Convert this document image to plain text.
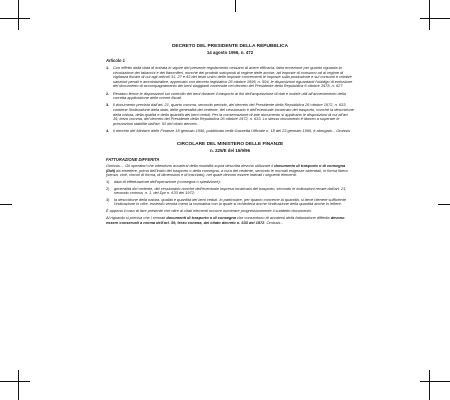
DECRETO DEL PRESIDENTE DELLA REPUBBLICA
14 agosto 1996, n. 472
Articolo 1
1. Con effetto dalla data di entrata in vigore del presente regolamento cessano di avere efficacia, fatta eccezione per quanto riguarda la circolazione dei tabacchi e dei fiammiferi, nonché dei prodotti sottoposti al regime delle accise, ad imposte di consumo od al regime di vigilanza fiscale di cui agli articoli 31, 27 e 63 del testo unico delle imposte concernenti le imposte sulla produzione e sui consumi e relative sanzioni penali e amministrative, approvato con decreto legislativo 26 ottobre 1995, n. 504, le disposizioni riguardanti l'obbligo di emissione del documento di accompagnamento dei beni viaggianti contenute nel decreto del Presidente della Repubblica 6 ottobre 1978, n. 627.
2. Restano ferme le disposizioni sul controllo dei beni durante il trasporto ai fini dell'acquisizione di dati e notizie utili all'accertamento della corretta applicazione delle norme fiscali.
3. Il documento previsto dall'art. 21, quarto comma, secondo periodo, del decreto del Presidente della Repubblica 26 ottobre 1972, n. 633, contiene l'indicazione della data, delle generalità del cedente, del cessionario e dell'eventuale incaricato del trasporto, nonché la descrizione della natura, della qualità e della quantità dei beni ceduti. Per la conservazione di tale documento si applicano le disposizioni di cui all'art. 39, terzo comma, del decreto del Presidente della Repubblica 26 ottobre 1972, n. 633. Lo stesso documento è idoneo a superare le presunzioni stabilite dall'art. 53 del citato decreto.
4. Il decreto del Ministro delle Finanze 18 gennaio 1996, pubblicato nella Gazzetta Ufficiale n. 18 del 23 gennaio 1996, è abrogato... Omissis
CIRCOLARE DEL MINISTERO DELLE FINANZE
n. 225/E del 16/9/96
FATTURAZIONE DIFFERITA

Omissis.... Gli operatori che intendono avvalersi della modalità sopra descritta devono utilizzare il documento di trasporto o di consegna (Ddt) da emettere, prima dell'inizio del trasporto o della consegna, a cura del cedente, secondo le normali esigenze aziendali, in forma libera (senza, cioè, vincoli di forma, di dimensioni e di tracciato), nel quale devono essere indicati i seguenti elementi:

1) data di effettuazione dell'operazione (consegna o spedizione);
2) generalità del cedente, del cessionario nonché dell'eventuale impresa incaricata del trasporto, secondo le indicazioni recate dall'art. 21, secondo comma, n. 1, del Dpr n. 633 del 1972;
3) la descrizione della natura, qualità e quantità dei beni ceduti. In particolare, per quanto concerne la quantità, si deve ritenere sufficiente l'indicazione in cifre, essendo venuta meno la normativa con la quale si richiedeva anche l'indicazione della quantità anche in lettere.

È appena il caso di fare presente che oltre ai citati elementi occorre numerare progressivamente il suddetto documento.

Al riguardo si precisa che i cennati documenti di trasporto o di consegna che consentono di avvalersi della fatturazione differita devono essere conservati a norma dell'art. 39, terzo comma, del citato decreto n. 633 del 1972. Omissis...
